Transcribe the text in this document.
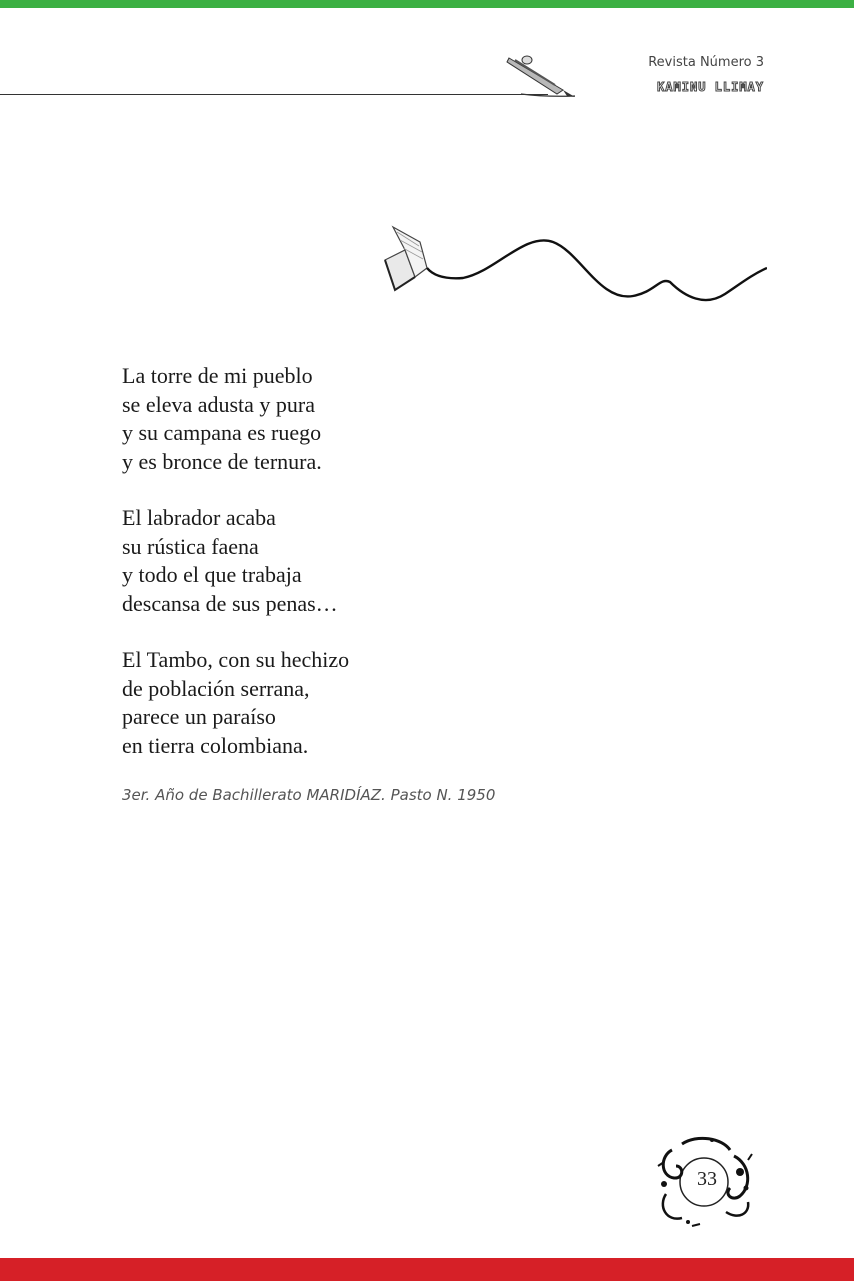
Revista Número 3
KAMINU LLIMAY
La torre de mi pueblo
se eleva adusta y pura
y su campana es ruego
y es bronce de ternura.
El labrador acaba
su rústica faena
y todo el que trabaja
descansa de sus penas…
El Tambo, con su hechizo
de población serrana,
parece un paraíso
en tierra colombiana.
3er. Año de Bachillerato MARIDÍAZ. Pasto N. 1950
33
